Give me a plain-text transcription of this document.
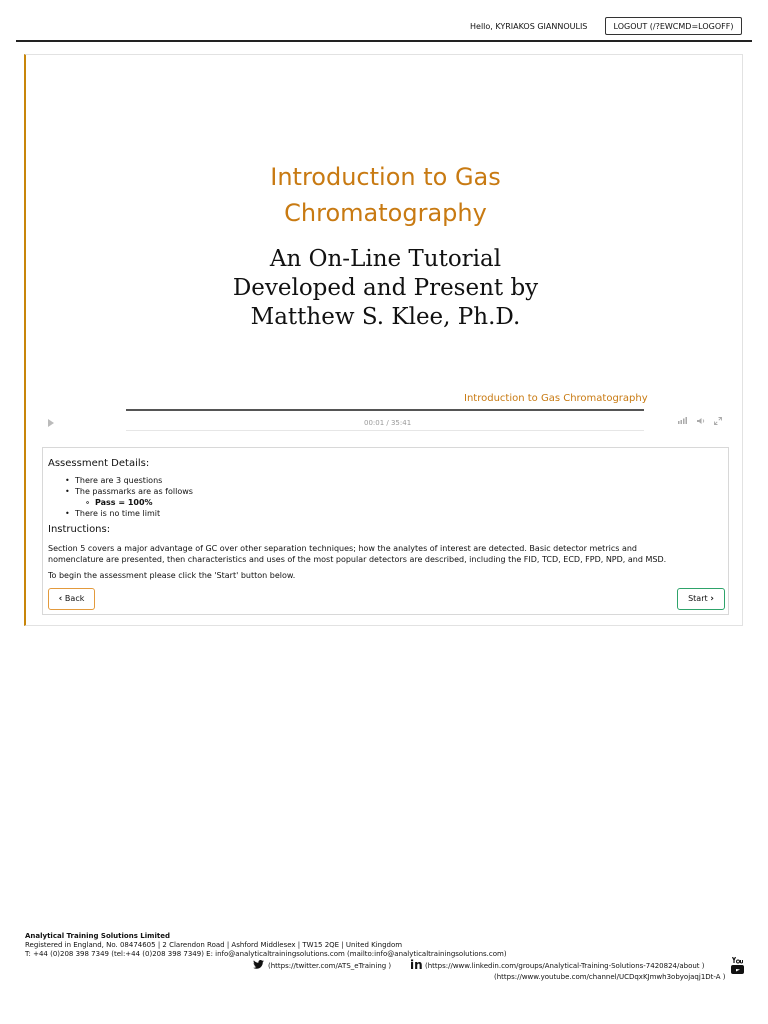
Hello, KYRIAKOS GIANNOULIS	LOGOUT (/?EWCMD=LOGOFF)
Introduction to Gas
Chromatography
An On-Line Tutorial
Developed and Present by
Matthew S. Klee, Ph.D.
Introduction to Gas Chromatography
00:01 / 35:41
Assessment Details:
• There are 3 questions
• The passmarks are as follows
∘ Pass = 100%
• There is no time limit
Instructions:
Section 5 covers a major advantage of GC over other separation techniques; how the analytes of interest are detected. Basic detector metrics and
nomenclature are presented, then characteristics and uses of the most popular detectors are described, including the FID, TCD, ECD, FPD, NPD, and MSD.
To begin the assessment please click the 'Start' button below.
‹ Back	Start ›
Analytical Training Solutions Limited
Registered in England, No. 08474605 | 2 Clarendon Road | Ashford Middlesex | TW15 2QE | United Kingdom
T: +44 (0)208 398 7349 (tel:+44 (0)208 398 7349) E: info@analyticaltrainingsolutions.com (mailto:info@analyticaltrainingsolutions.com)
(https://twitter.com/ATS_eTraining ) in (https://www.linkedin.com/groups/Analytical-Training-Solutions-7420824/about )
(https://www.youtube.com/channel/UCDqxKJmwh3obyojaqj1Dt-A )
